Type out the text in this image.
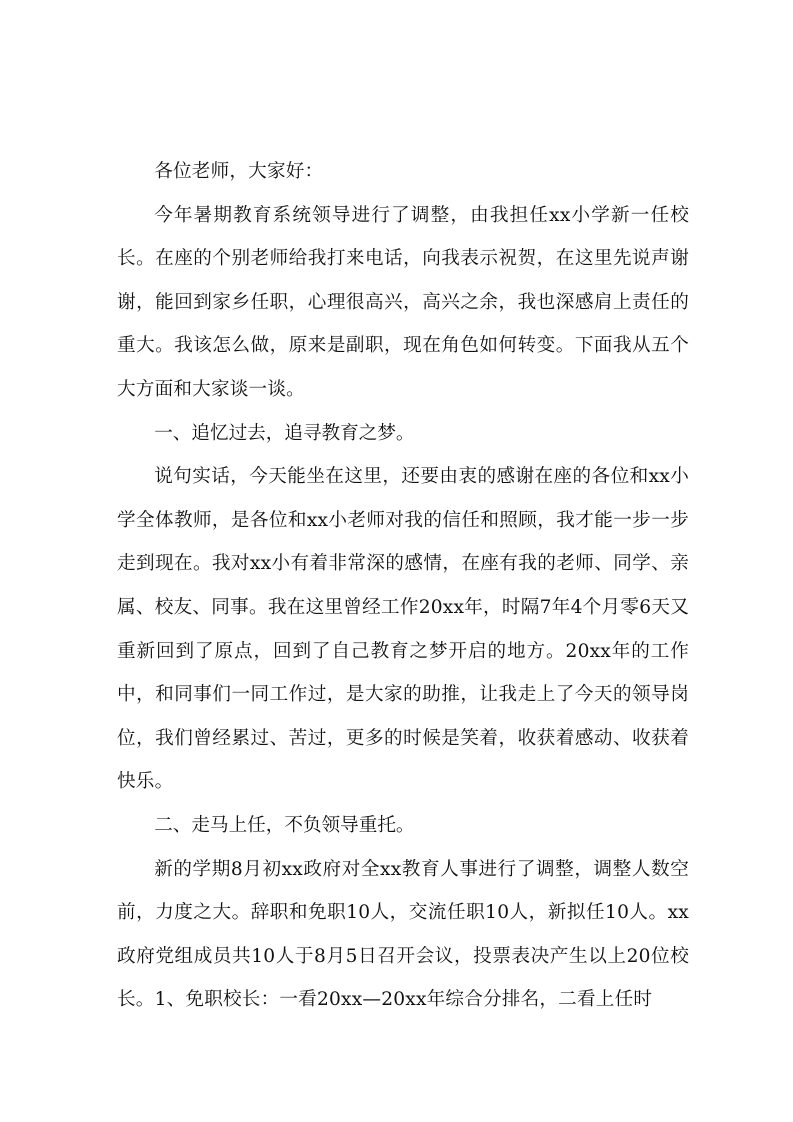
各位老师，大家好：

今年暑期教育系统领导进行了调整，由我担任xx小学新一任校长。在座的个别老师给我打来电话，向我表示祝贺，在这里先说声谢谢，能回到家乡任职，心理很高兴，高兴之余，我也深感肩上责任的重大。我该怎么做，原来是副职，现在角色如何转变。下面我从五个大方面和大家谈一谈。

一、追忆过去，追寻教育之梦。

说句实话，今天能坐在这里，还要由衷的感谢在座的各位和xx小学全体教师，是各位和xx小老师对我的信任和照顾，我才能一步一步走到现在。我对xx小有着非常深的感情，在座有我的老师、同学、亲属、校友、同事。我在这里曾经工作20xx年，时隔7年4个月零6天又重新回到了原点，回到了自己教育之梦开启的地方。20xx年的工作中，和同事们一同工作过，是大家的助推，让我走上了今天的领导岗位，我们曾经累过、苦过，更多的时候是笑着，收获着感动、收获着快乐。

二、走马上任，不负领导重托。

新的学期8月初xx政府对全xx教育人事进行了调整，调整人数空前，力度之大。辞职和免职10人，交流任职10人，新拟任10人。xx政府党组成员共10人于8月5日召开会议，投票表决产生以上20位校长。1、免职校长：一看20xx—20xx年综合分排名，二看上任时
